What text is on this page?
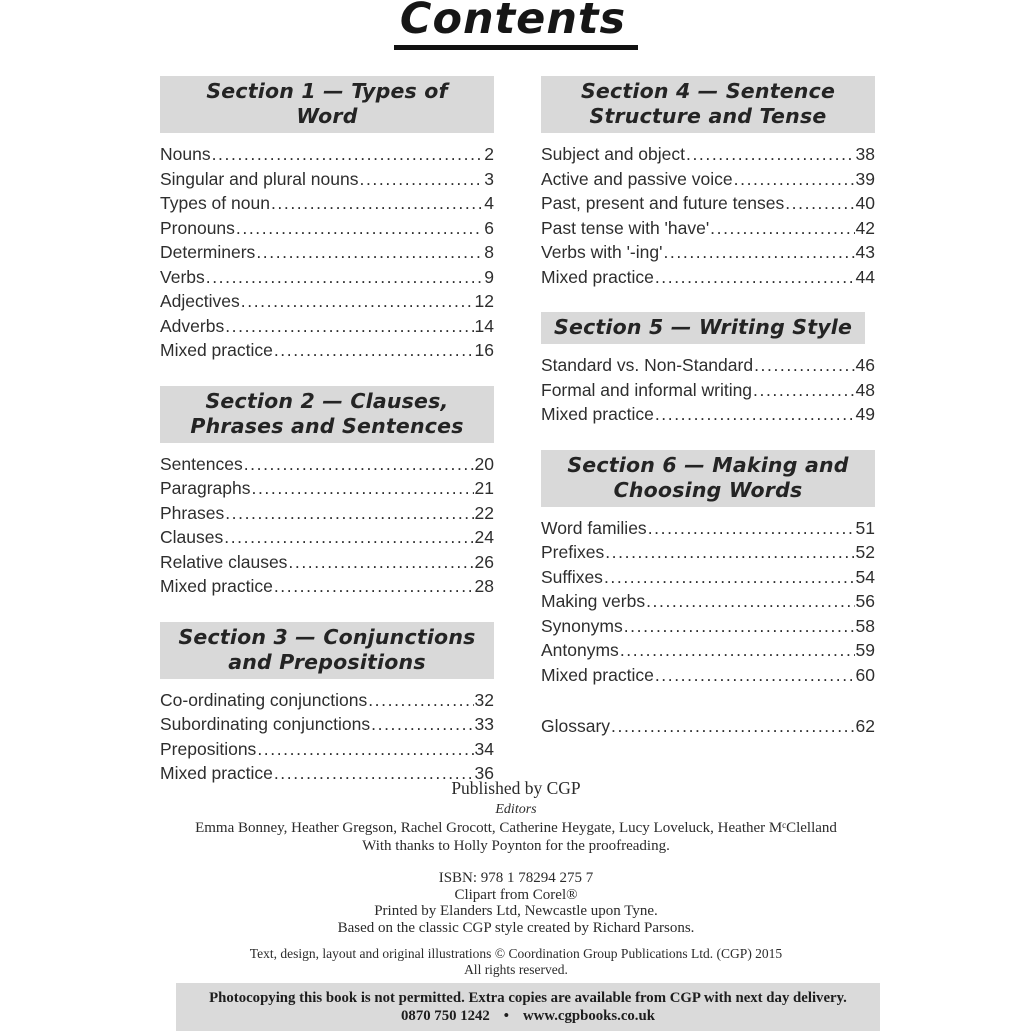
Contents
Section 1 — Types of Word
Nouns .....	2
Singular and plural nouns .....	3
Types of noun .....	4
Pronouns .....	6
Determiners .....	8
Verbs .....	9
Adjectives .....	12
Adverbs .....	14
Mixed practice .....	16
Section 2 — Clauses, Phrases and Sentences
Sentences .....	20
Paragraphs .....	21
Phrases .....	22
Clauses .....	24
Relative clauses .....	26
Mixed practice .....	28
Section 3 — Conjunctions and Prepositions
Co-ordinating conjunctions .....	32
Subordinating conjunctions .....	33
Prepositions .....	34
Mixed practice .....	36
Section 4 — Sentence Structure and Tense
Subject and object .....	38
Active and passive voice .....	39
Past, present and future tenses .....	40
Past tense with 'have' .....	42
Verbs with '-ing' .....	43
Mixed practice .....	44
Section 5 — Writing Style
Standard vs. Non-Standard .....	46
Formal and informal writing .....	48
Mixed practice .....	49
Section 6 — Making and Choosing Words
Word families .....	51
Prefixes .....	52
Suffixes .....	54
Making verbs .....	56
Synonyms .....	58
Antonyms .....	59
Mixed practice .....	60
Glossary .....	62
Published by CGP
Editors
Emma Bonney, Heather Gregson, Rachel Grocott, Catherine Heygate, Lucy Loveluck, Heather MᶜClelland
With thanks to Holly Poynton for the proofreading.
ISBN: 978 1 78294 275 7
Clipart from Corel®
Printed by Elanders Ltd, Newcastle upon Tyne.
Based on the classic CGP style created by Richard Parsons.
Text, design, layout and original illustrations © Coordination Group Publications Ltd. (CGP) 2015
All rights reserved.
Photocopying this book is not permitted. Extra copies are available from CGP with next day delivery.
0870 750 1242 • www.cgpbooks.co.uk
